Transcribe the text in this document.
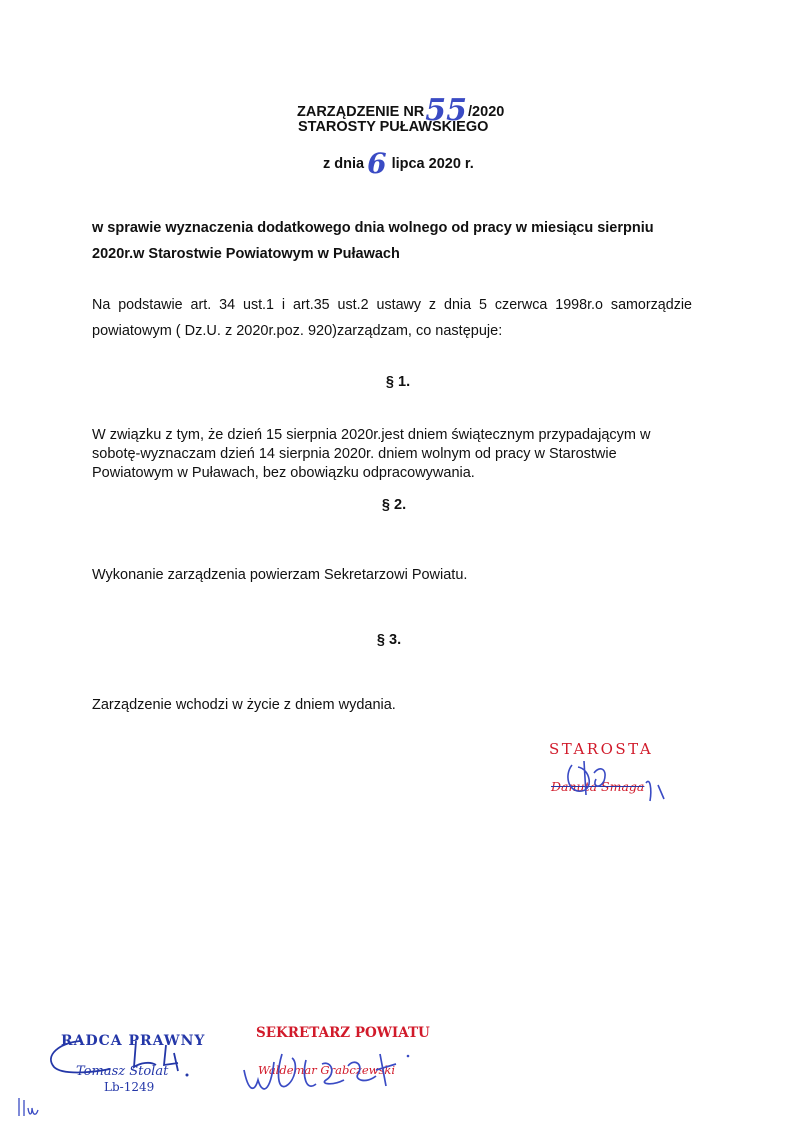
ZARZĄDZENIE NR55/2020
STAROSTY PUŁAWSKIEGO
z dnia 6 lipca 2020 r.
w sprawie wyznaczenia dodatkowego dnia wolnego od pracy w miesiącu sierpniu
2020r.w Starostwie Powiatowym w Puławach
Na  podstawie  art.  34  ust.1  i  art.35  ust.2  ustawy  z  dnia  5  czerwca  1998r.o  samorządzie
powiatowym ( Dz.U. z 2020r.poz. 920)zarządzam, co następuje:
§ 1.
W związku z tym, że dzień 15 sierpnia 2020r.jest dniem świątecznym przypadającym w
sobotę-wyznaczam dzień 14 sierpnia 2020r. dniem wolnym od pracy w Starostwie
Powiatowym w Puławach, bez obowiązku odpracowywania.
§ 2.
Wykonanie zarządzenia powierzam Sekretarzowi Powiatu.
§ 3.
Zarządzenie wchodzi w życie z dniem wydania.
STAROSTA
Danuta Smaga
RADCA PRAWNY
Tomasz Stolat
Lb-1249
SEKRETARZ POWIATU
Waldemar Grabczewski
